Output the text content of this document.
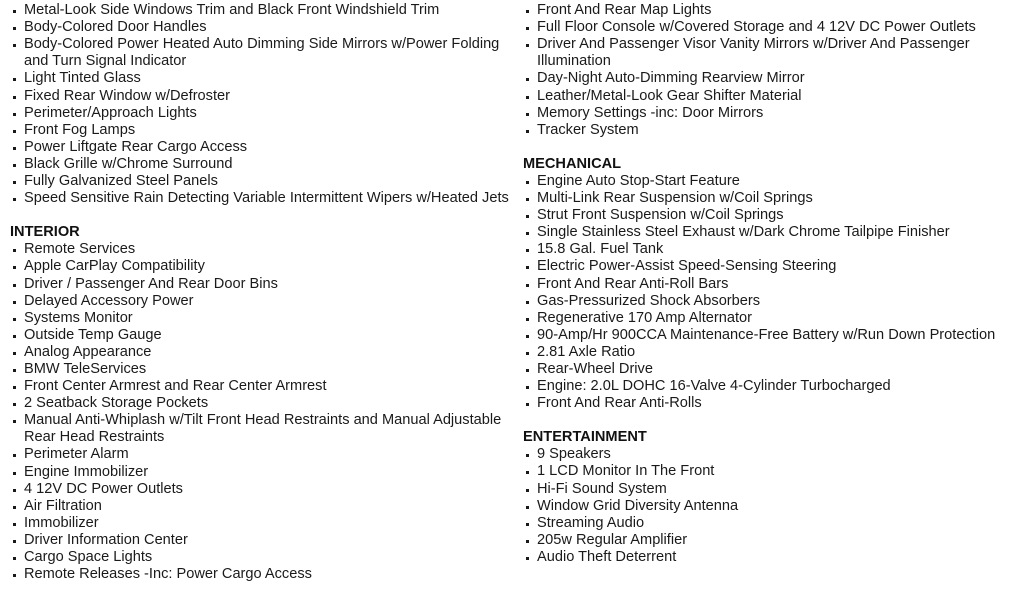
Metal-Look Side Windows Trim and Black Front Windshield Trim
Body-Colored Door Handles
Body-Colored Power Heated Auto Dimming Side Mirrors w/Power Folding and Turn Signal Indicator
Light Tinted Glass
Fixed Rear Window w/Defroster
Perimeter/Approach Lights
Front Fog Lamps
Power Liftgate Rear Cargo Access
Black Grille w/Chrome Surround
Fully Galvanized Steel Panels
Speed Sensitive Rain Detecting Variable Intermittent Wipers w/Heated Jets
INTERIOR
Remote Services
Apple CarPlay Compatibility
Driver / Passenger And Rear Door Bins
Delayed Accessory Power
Systems Monitor
Outside Temp Gauge
Analog Appearance
BMW TeleServices
Front Center Armrest and Rear Center Armrest
2 Seatback Storage Pockets
Manual Anti-Whiplash w/Tilt Front Head Restraints and Manual Adjustable Rear Head Restraints
Perimeter Alarm
Engine Immobilizer
4 12V DC Power Outlets
Air Filtration
Immobilizer
Driver Information Center
Cargo Space Lights
Remote Releases -Inc: Power Cargo Access
Front And Rear Map Lights
Full Floor Console w/Covered Storage and 4 12V DC Power Outlets
Driver And Passenger Visor Vanity Mirrors w/Driver And Passenger Illumination
Day-Night Auto-Dimming Rearview Mirror
Leather/Metal-Look Gear Shifter Material
Memory Settings -inc: Door Mirrors
Tracker System
MECHANICAL
Engine Auto Stop-Start Feature
Multi-Link Rear Suspension w/Coil Springs
Strut Front Suspension w/Coil Springs
Single Stainless Steel Exhaust w/Dark Chrome Tailpipe Finisher
15.8 Gal. Fuel Tank
Electric Power-Assist Speed-Sensing Steering
Front And Rear Anti-Roll Bars
Gas-Pressurized Shock Absorbers
Regenerative 170 Amp Alternator
90-Amp/Hr 900CCA Maintenance-Free Battery w/Run Down Protection
2.81 Axle Ratio
Rear-Wheel Drive
Engine: 2.0L DOHC 16-Valve 4-Cylinder Turbocharged
Front And Rear Anti-Rolls
ENTERTAINMENT
9 Speakers
1 LCD Monitor In The Front
Hi-Fi Sound System
Window Grid Diversity Antenna
Streaming Audio
205w Regular Amplifier
Audio Theft Deterrent
